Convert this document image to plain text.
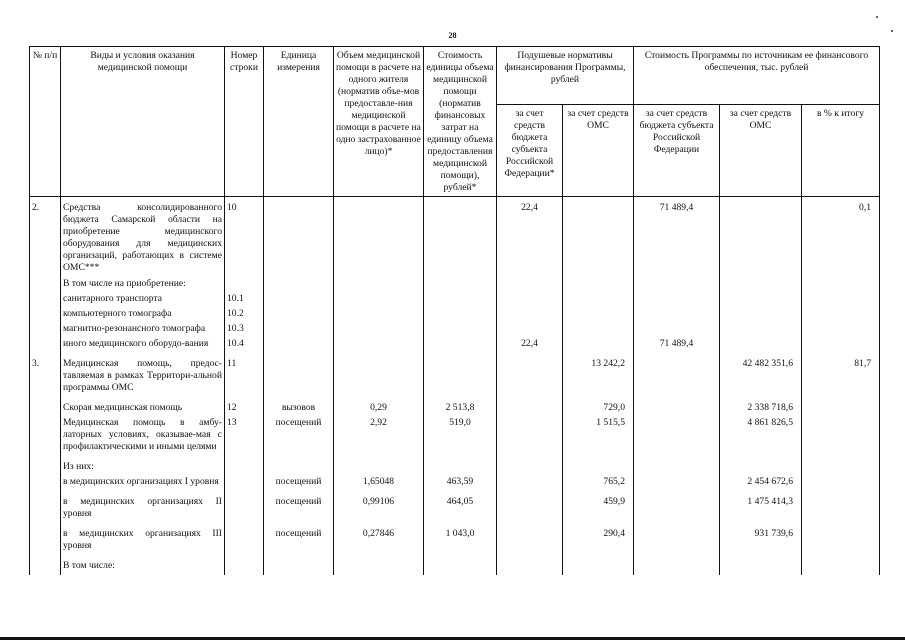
28
№ п/п	Виды и условия оказания медицинской помощи	Номер строки	Единица измерения	Объем медицинской помощи в расчете на одного жителя (норматив объе-мов предоставле-ния медицинской помощи в расчете на одно застрахованное лицо)*	Стоимость единицы объема медицинской помощи (норматив финансовых затрат на единицу объема предоставления медицинской помощи), рублей*	Подушевые нормативы финансирования Программы, рублей		Стоимость Программы по источникам ее финансового обеспечения, тыс. рублей		
						за счет средств бюджета субъекта Российской Федерации*	за счет средств ОМС	за счет средств бюджета субъекта Российской Федерации	за счет средств ОМС	в % к итогу

2.	Средства консолидированного бюджета Самарской области на приобретение медицинского оборудования для медицинских организаций, работающих в системе ОМС***	10				22,4		71 489,4		0,1

	В том числе на приобретение:									

	санитарного транспорта	10.1								

	компьютерного томографа	10.2								

	магнитно-резонансного томографа	10.3								

	иного медицинского оборудо-вания	10.4				22,4		71 489,4		

3.	Медицинская помощь, предос-тавляемая в рамках Территори-альной программы ОМС	11					13 242,2		42 482 351,6	81,7

	Скорая медицинская помощь	12	вызовов	0,29	2 513,8		729,0		2 338 718,6	

	Медицинская помощь в амбу-латорных условиях, оказывае-мая с профилактическими и иными целями	13	посещений	2,92	519,0		1 515,5		4 861 826,5	

	Из них:									

	в медицинских организациях I уровня		посещений	1,65048	463,59		765,2		2 454 672,6	

	в медицинских организациях II уровня		посещений	0,99106	464,05		459,9		1 475 414,3	

	в медицинских организациях III уровня		посещений	0,27846	1 043,0		290,4		931 739,6	

	В том числе:									
